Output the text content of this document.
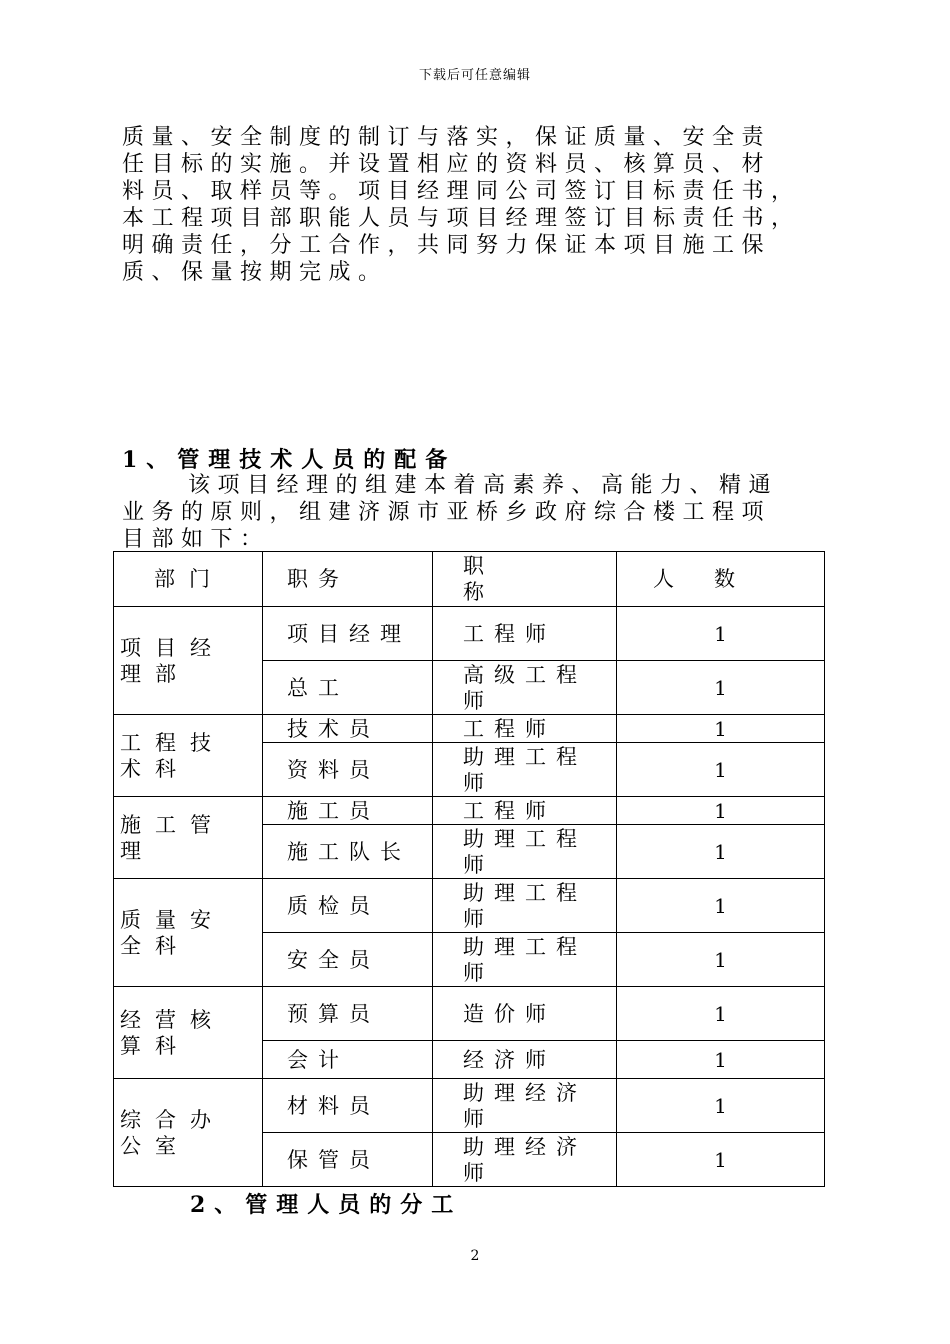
下载后可任意编辑
质量、安全制度的制订与落实，保证质量、安全责
任目标的实施。并设置相应的资料员、核算员、材
料员、取样员等。项目经理同公司签订目标责任书，
本工程项目部职能人员与项目经理签订目标责任书，
明确责任，分工合作，共同努力保证本项目施工保
质、保量按期完成。
1、管理技术人员的配备
该项目经理的组建本着高素养、高能力、精通
业务的原则，组建济源市亚桥乡政府综合楼工程项
目部如下：
部门	职务	职称	人数
项目经理部	项目经理	工程师	1
	总工	高级工程师	1
工程技术科	技术员	工程师	1
	资料员	助理工程师	1
施工管理	施工员	工程师	1
	施工队长	助理工程师	1
质量安全科	质检员	助理工程师	1
	安全员	助理工程师	1
经营核算科	预算员	造价师	1
	会计	经济师	1
综合办公室	材料员	助理经济师	1
	保管员	助理经济师	1
2、管理人员的分工
2
